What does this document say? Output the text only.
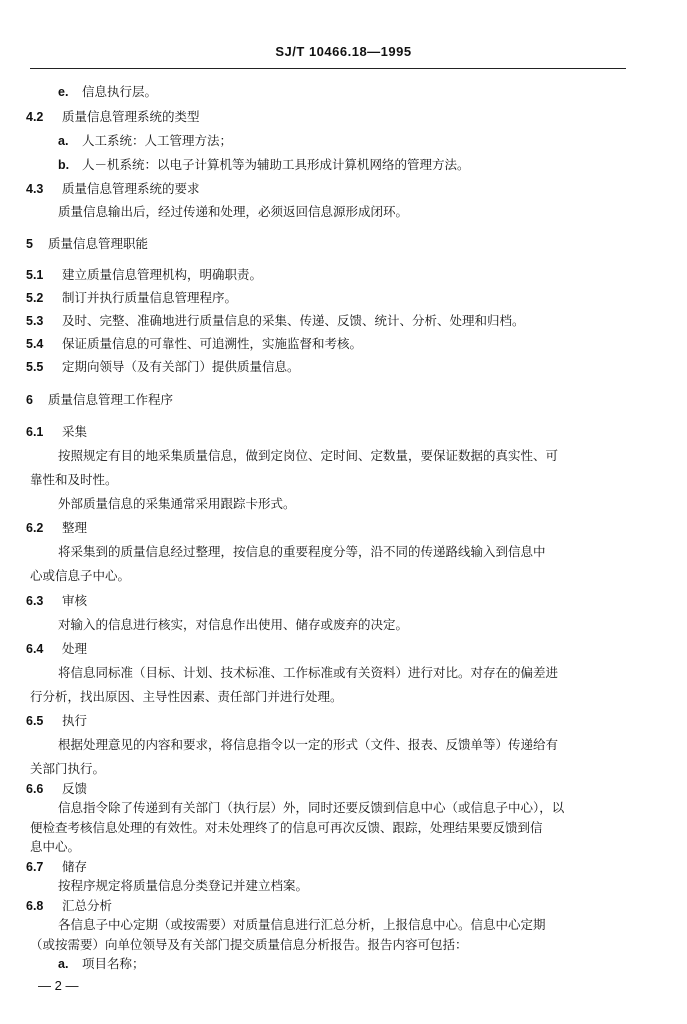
SJ/T 10466.18—1995
e. 信息执行层。
4.2 质量信息管理系统的类型
a. 人工系统：人工管理方法；
b. 人－机系统：以电子计算机等为辅助工具形成计算机网络的管理方法。
4.3 质量信息管理系统的要求
质量信息输出后，经过传递和处理，必须返回信息源形成闭环。
5 质量信息管理职能
5.1 建立质量信息管理机构，明确职责。
5.2 制订并执行质量信息管理程序。
5.3 及时、完整、准确地进行质量信息的采集、传递、反馈、统计、分析、处理和归档。
5.4 保证质量信息的可靠性、可追溯性，实施监督和考核。
5.5 定期向领导（及有关部门）提供质量信息。
6 质量信息管理工作程序
6.1 采集
按照规定有目的地采集质量信息，做到定岗位、定时间、定数量，要保证数据的真实性、可
靠性和及时性。
外部质量信息的采集通常采用跟踪卡形式。
6.2 整理
将采集到的质量信息经过整理，按信息的重要程度分等，沿不同的传递路线输入到信息中
心或信息子中心。
6.3 审核
对输入的信息进行核实，对信息作出使用、储存或废弃的决定。
6.4 处理
将信息同标准（目标、计划、技术标准、工作标准或有关资料）进行对比。对存在的偏差进
行分析，找出原因、主导性因素、责任部门并进行处理。
6.5 执行
根据处理意见的内容和要求，将信息指令以一定的形式（文件、报表、反馈单等）传递给有
关部门执行。
6.6 反馈
信息指令除了传递到有关部门（执行层）外，同时还要反馈到信息中心（或信息子中心），以
便检查考核信息处理的有效性。对未处理终了的信息可再次反馈、跟踪，处理结果要反馈到信
息中心。
6.7 储存
按程序规定将质量信息分类登记并建立档案。
6.8 汇总分析
各信息子中心定期（或按需要）对质量信息进行汇总分析，上报信息中心。信息中心定期
（或按需要）向单位领导及有关部门提交质量信息分析报告。报告内容可包括：
a. 项目名称；
— 2 —
